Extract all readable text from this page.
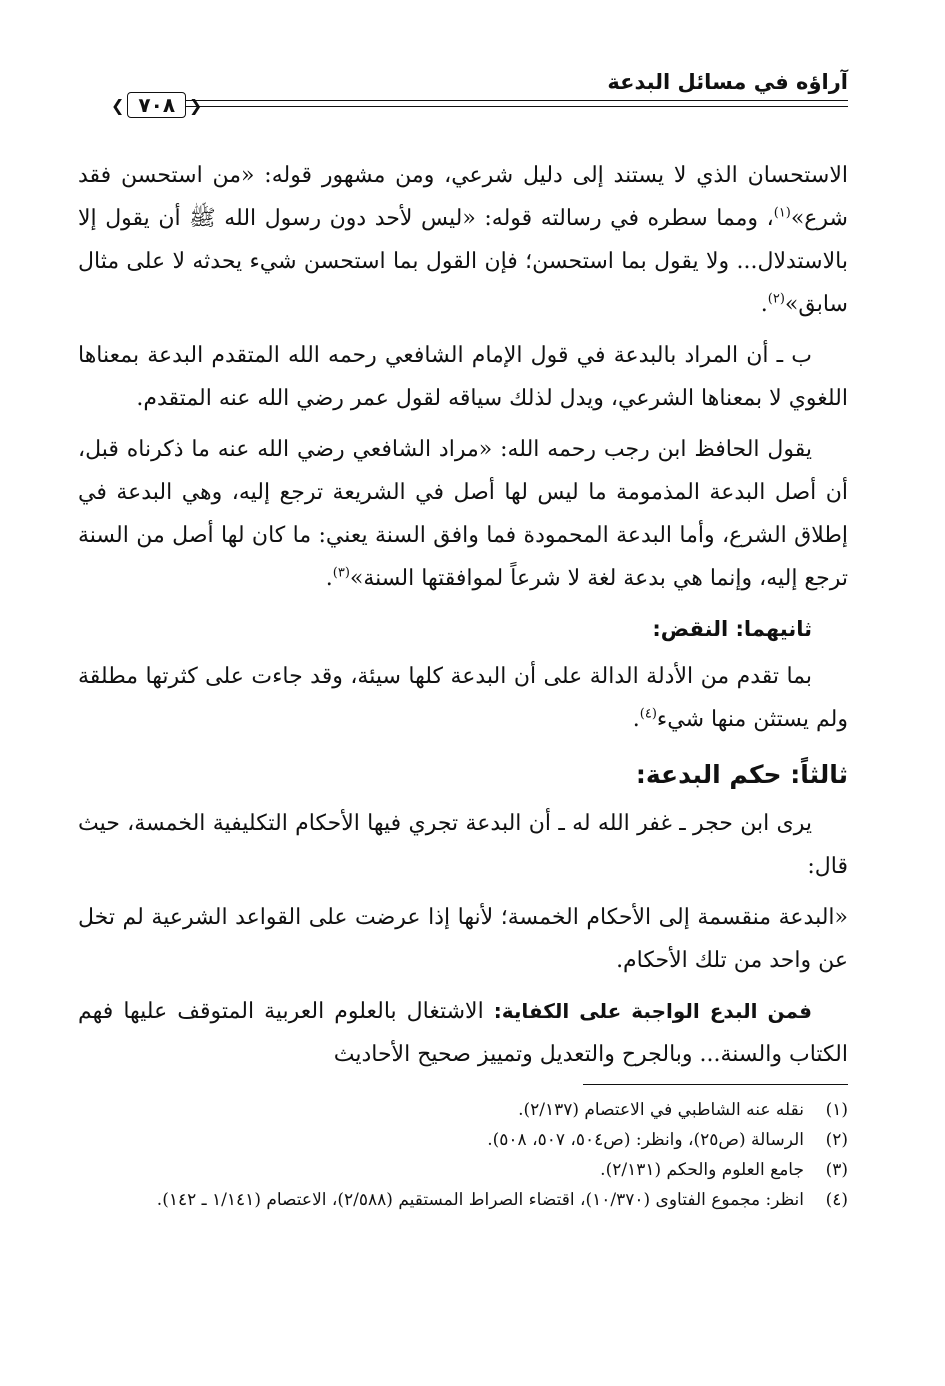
آراؤه في مسائل البدعة
❮ ٧٠٨ ❯

الاستحسان الذي لا يستند إلى دليل شرعي، ومن مشهور قوله: «من استحسن فقد شرع»$^{(١)}$، ومما سطره في رسالته قوله: «ليس لأحد دون رسول الله ﷺ أن يقول إلا بالاستدلال... ولا يقول بما استحسن؛ فإن القول بما استحسن شيء يحدثه لا على مثال سابق»$^{(٢)}$.

ب ـ أن المراد بالبدعة في قول الإمام الشافعي رحمه الله المتقدم البدعة بمعناها اللغوي لا بمعناها الشرعي، ويدل لذلك سياقه لقول عمر رضي الله عنه المتقدم.

يقول الحافظ ابن رجب رحمه الله: «مراد الشافعي رضي الله عنه ما ذكرناه قبل، أن أصل البدعة المذمومة ما ليس لها أصل في الشريعة ترجع إليه، وهي البدعة في إطلاق الشرع، وأما البدعة المحمودة فما وافق السنة يعني: ما كان لها أصل من السنة ترجع إليه، وإنما هي بدعة لغة لا شرعاً لموافقتها السنة»$^{(٣)}$.

ثانيهما: النقض:

بما تقدم من الأدلة الدالة على أن البدعة كلها سيئة، وقد جاءت على كثرتها مطلقة ولم يستثن منها شيء$^{(٤)}$.

ثالثاً: حكم البدعة:

يرى ابن حجر ـ غفر الله له ـ أن البدعة تجري فيها الأحكام التكليفية الخمسة، حيث قال:

«البدعة منقسمة إلى الأحكام الخمسة؛ لأنها إذا عرضت على القواعد الشرعية لم تخل عن واحد من تلك الأحكام.

فمن البدع الواجبة على الكفاية: الاشتغال بالعلوم العربية المتوقف عليها فهم الكتاب والسنة... وبالجرح والتعديل وتمييز صحيح الأحاديث

(١)
نقله عنه الشاطبي في الاعتصام (٢/١٣٧).
(٢)
الرسالة (ص٢٥)، وانظر: (ص٥٠٤، ٥٠٧، ٥٠٨).
(٣)
جامع العلوم والحكم (٢/١٣١).
(٤)
انظر: مجموع الفتاوى (١٠/٣٧٠)، اقتضاء الصراط المستقيم (٢/٥٨٨)، الاعتصام (١/١٤١ ـ ١٤٢).
